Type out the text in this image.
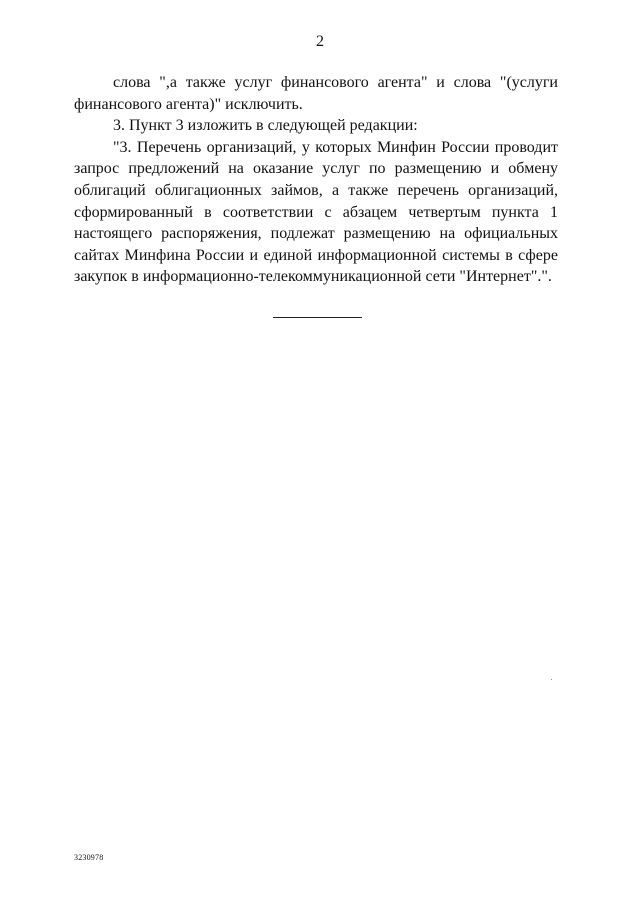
2

слова ",а также услуг финансового агента" и слова "(услуги финансового агента)" исключить.

3. Пункт 3 изложить в следующей редакции:

"3. Перечень организаций, у которых Минфин России проводит запрос предложений на оказание услуг по размещению и обмену облигаций облигационных займов, а также перечень организаций, сформированный в соответствии с абзацем четвертым пункта 1 настоящего распоряжения, подлежат размещению на официальных сайтах Минфина России и единой информационной системы в сфере закупок в информационно-телекоммуникационной сети "Интернет".".

3230978
